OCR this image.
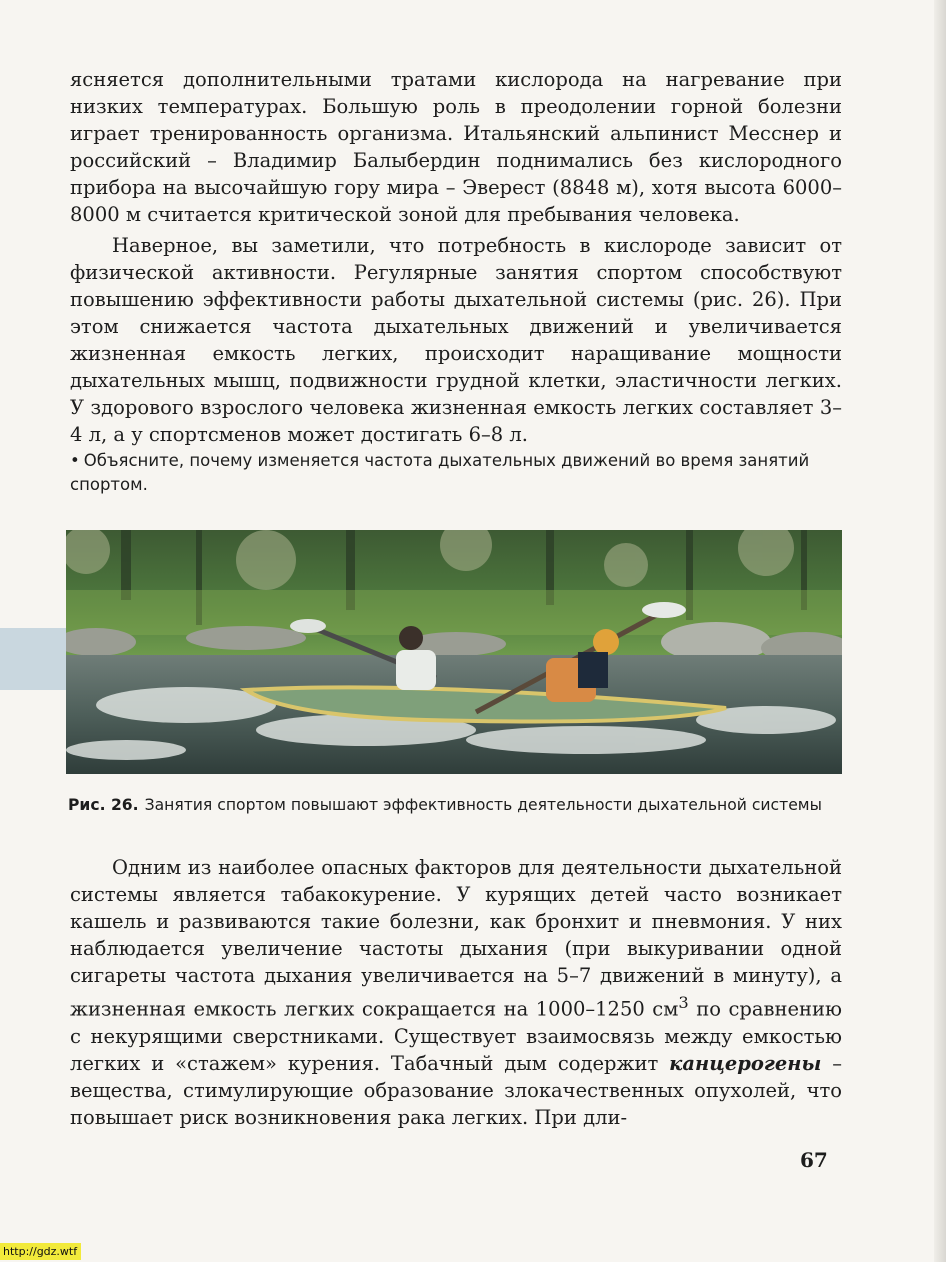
ясняется дополнительными тратами кислорода на нагревание при низких температурах. Большую роль в преодолении горной болезни играет тренированность организма. Итальянский альпинист Месснер и российский – Владимир Балыбердин поднимались без кислородного прибора на высочайшую гору мира – Эверест (8848 м), хотя высота 6000–8000 м считается критической зоной для пребывания человека.

Наверное, вы заметили, что потребность в кислороде зависит от физической активности. Регулярные занятия спортом способствуют повышению эффективности работы дыхательной системы (рис. 26). При этом снижается частота дыхательных движений и увеличивается жизненная емкость легких, происходит наращивание мощности дыхательных мышц, подвижности грудной клетки, эластичности легких. У здорового взрослого человека жизненная емкость легких составляет 3–4 л, а у спортсменов может достигать 6–8 л.

• Объясните, почему изменяется частота дыхательных движений во время занятий спортом.
Рис. 26. Занятия спортом повышают эффективность деятельности дыхательной системы

Одним из наиболее опасных факторов для деятельности дыхательной системы является табакокурение. У курящих детей часто возникает кашель и развиваются такие болезни, как бронхит и пневмония. У них наблюдается увеличение частоты дыхания (при выкуривании одной сигареты частота дыхания увеличивается на 5–7 движений в минуту), а жизненная емкость легких сокращается на 1000–1250 $см^3$ по сравнению с некурящими сверстниками. Существует взаимосвязь между емкостью легких и «стажем» курения. Табачный дым содержит канцерогены – вещества, стимулирующие образование злокачественных опухолей, что повышает риск возникновения рака легких. При дли-

67
http://gdz.wtf
